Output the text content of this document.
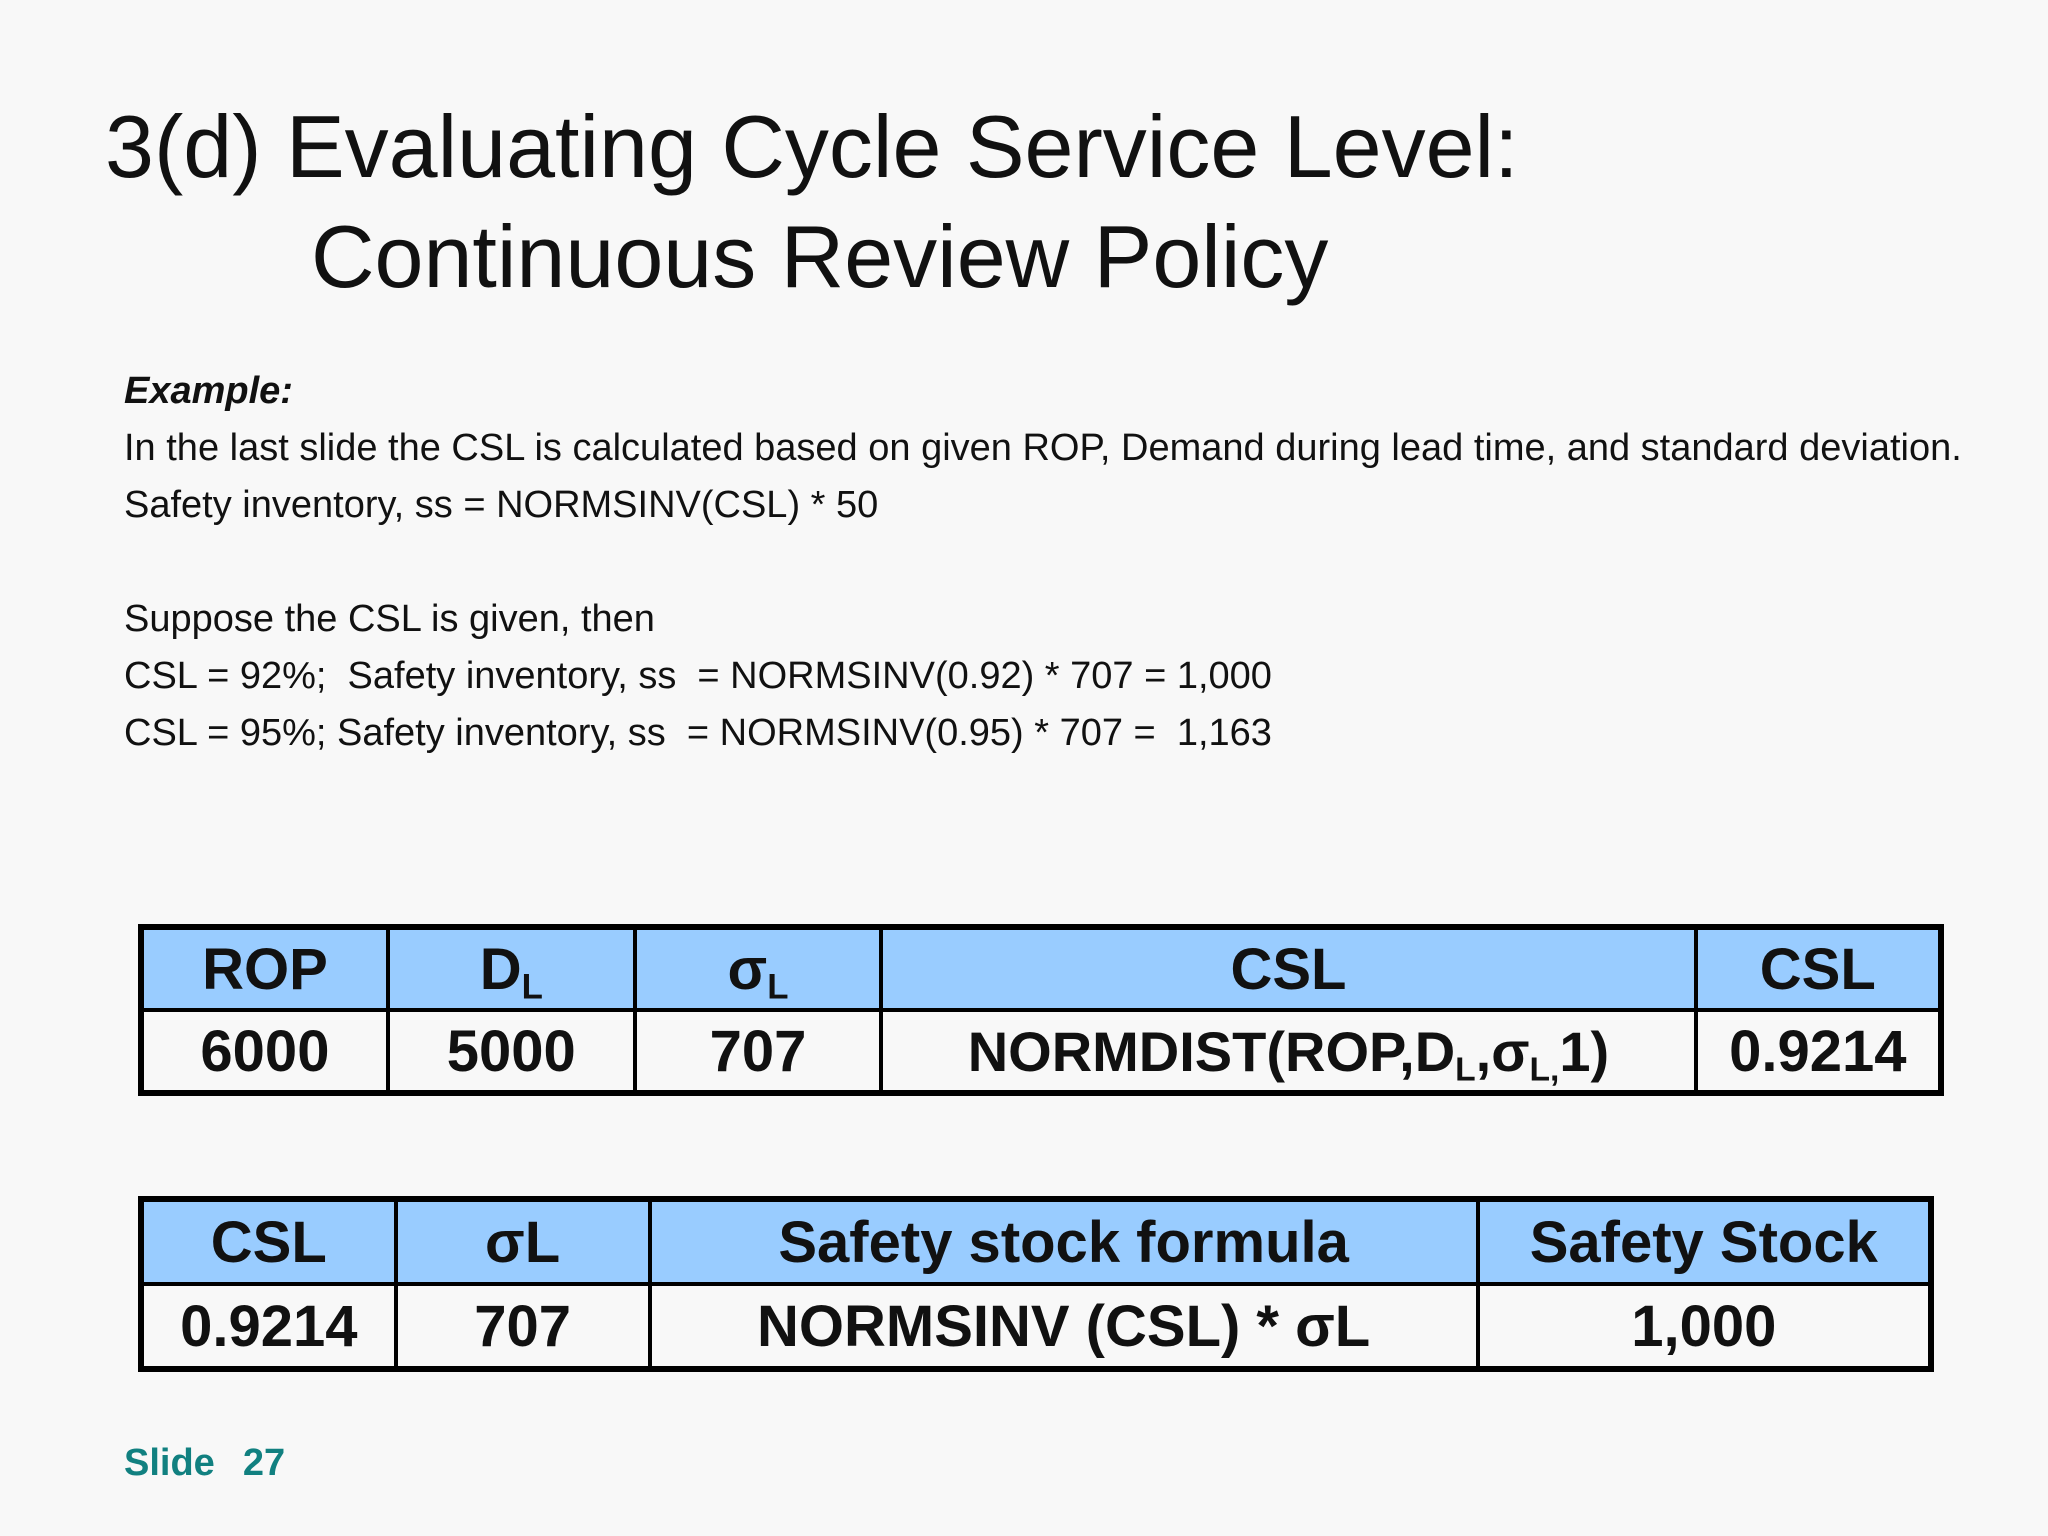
3(d) Evaluating Cycle Service Level:
Continuous Review Policy

Example:

In the last slide the CSL is calculated based on given ROP, Demand during lead time, and standard deviation.

Safety inventory, ss = NORMSINV(CSL) * 50

Suppose the CSL is given, then

CSL = 92%;  Safety inventory, ss  = NORMSINV(0.92) * 707 = 1,000

CSL = 95%; Safety inventory, ss  = NORMSINV(0.95) * 707 =  1,163

ROP	$D_L$	$\sigma_L$	CSL	CSL
6000	5000	707	$NORMDIST(ROP,D_L,\sigma_{L,}1)$	0.9214
CSL	σL	Safety stock formula	Safety Stock
0.9214	707	NORMSINV (CSL) * σL	1,000
Slide 27
